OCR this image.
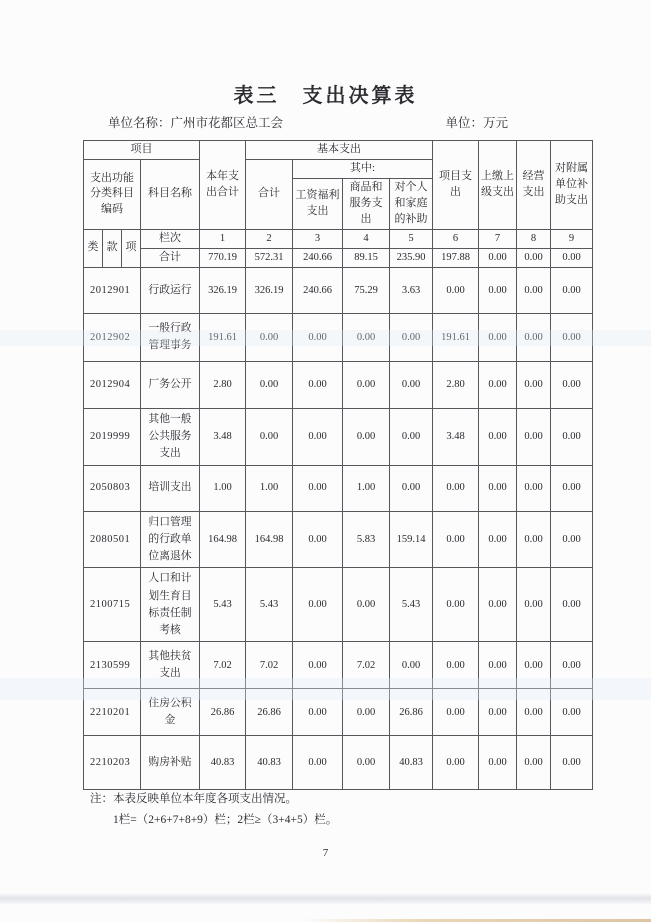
表三　支出决算表
单位名称：广州市花都区总工会	单位：万元
项目				本年支出合计	基本支出				项目支出	上缴上级支出	经营支出	对附属单位补助支出
支出功能分类科目编码			科目名称		合计	其中:						
						工资福利支出	商品和服务支出	对个人和家庭的补助				
类	款	项	栏次	1	2	3	4	5	6	7	8	9
			合计	770.19	572.31	240.66	89.15	235.90	197.88	0.00	0.00	0.00
2012901			行政运行	326.19	326.19	240.66	75.29	3.63	0.00	0.00	0.00	0.00
2012902			一般行政管理事务	191.61	0.00	0.00	0.00	0.00	191.61	0.00	0.00	0.00
2012904			厂务公开	2.80	0.00	0.00	0.00	0.00	2.80	0.00	0.00	0.00
2019999			其他一般公共服务支出	3.48	0.00	0.00	0.00	0.00	3.48	0.00	0.00	0.00
2050803			培训支出	1.00	1.00	0.00	1.00	0.00	0.00	0.00	0.00	0.00
2080501			归口管理的行政单位离退休	164.98	164.98	0.00	5.83	159.14	0.00	0.00	0.00	0.00
2100715			人口和计划生育目标责任制考核	5.43	5.43	0.00	0.00	5.43	0.00	0.00	0.00	0.00
2130599			其他扶贫支出	7.02	7.02	0.00	7.02	0.00	0.00	0.00	0.00	0.00
2210201			住房公积金	26.86	26.86	0.00	0.00	26.86	0.00	0.00	0.00	0.00
2210203			购房补贴	40.83	40.83	0.00	0.00	40.83	0.00	0.00	0.00	0.00
注：本表反映单位本年度各项支出情况。
1栏=（2+6+7+8+9）栏；2栏≥（3+4+5）栏。
7
